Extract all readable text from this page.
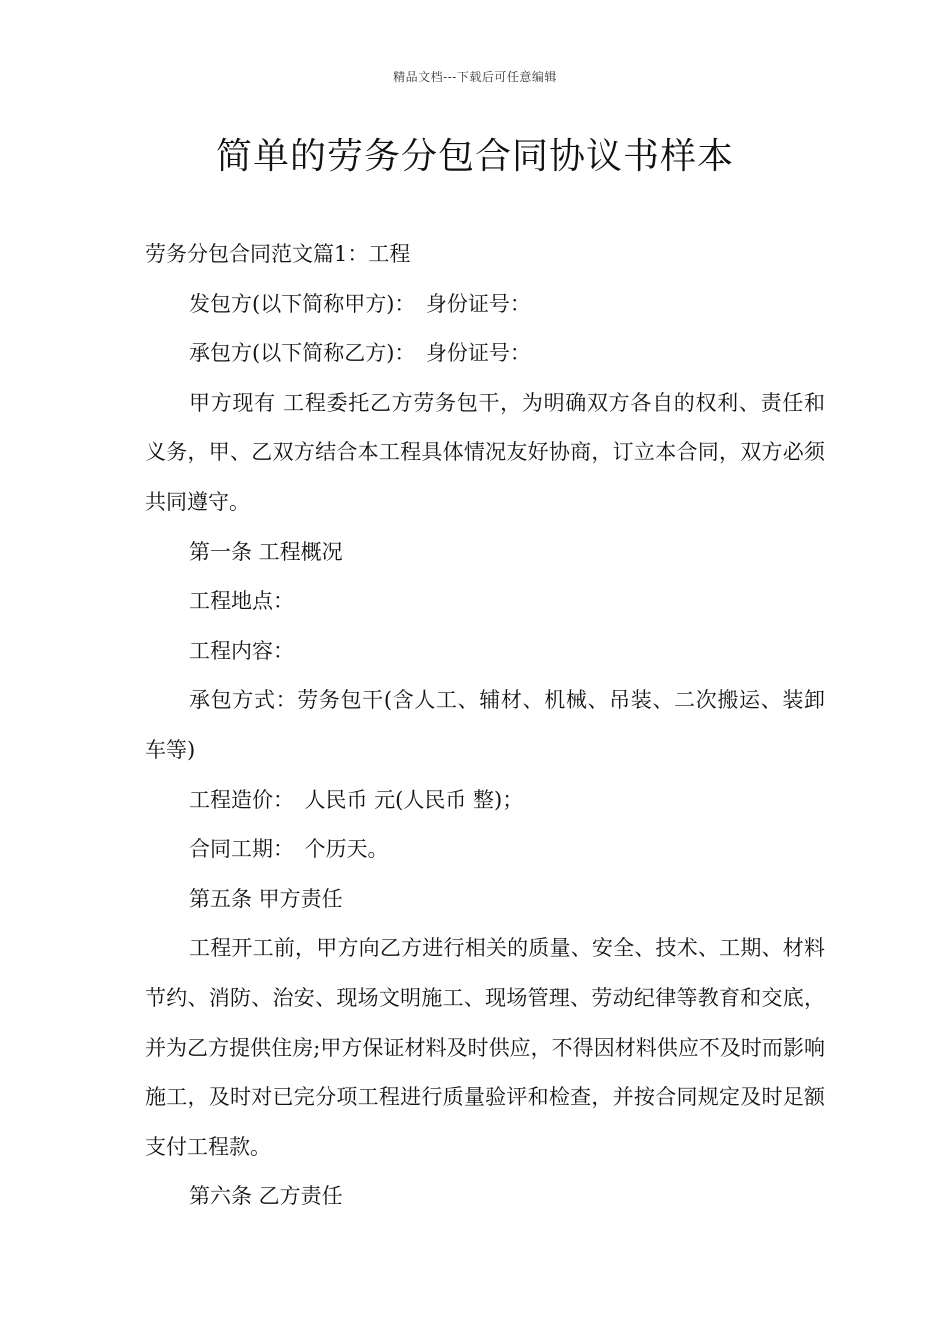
精品文档---下载后可任意编辑
简单的劳务分包合同协议书样本

劳务分包合同范文篇1：工程

发包方(以下简称甲方)：　身份证号：

承包方(以下简称乙方)：　身份证号：

甲方现有 工程委托乙方劳务包干，为明确双方各自的权利、责任和义务，甲、乙双方结合本工程具体情况友好协商，订立本合同，双方必须共同遵守。

第一条 工程概况

工程地点：

工程内容：

承包方式：劳务包干(含人工、辅材、机械、吊装、二次搬运、装卸车等)

工程造价：　人民币 元(人民币 整)；

合同工期：　个历天。

第五条 甲方责任

工程开工前，甲方向乙方进行相关的质量、安全、技术、工期、材料节约、消防、治安、现场文明施工、现场管理、劳动纪律等教育和交底，并为乙方提供住房;甲方保证材料及时供应，不得因材料供应不及时而影响施工，及时对已完分项工程进行质量验评和检查，并按合同规定及时足额支付工程款。

第六条 乙方责任
